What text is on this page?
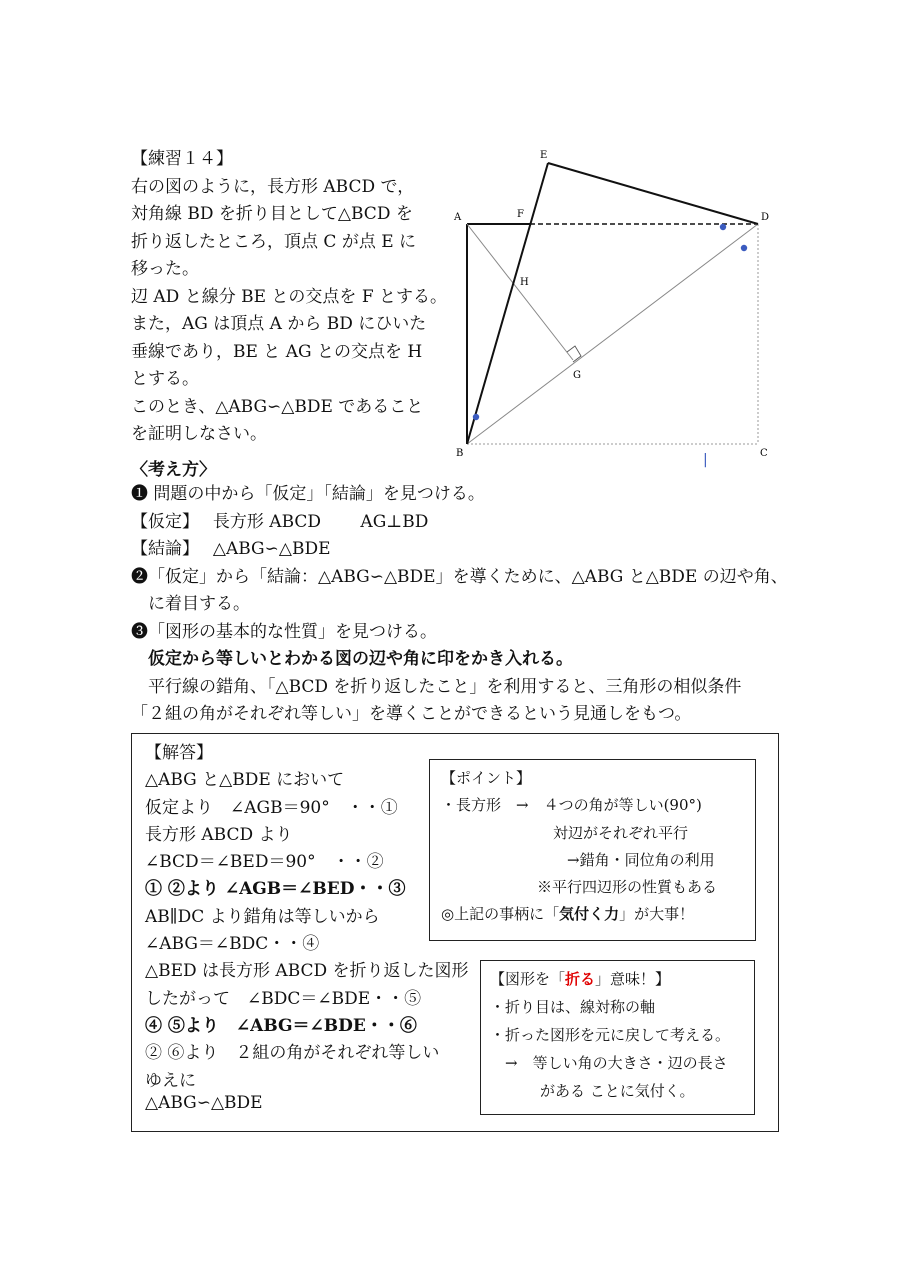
【練習１４】
右の図のように，長方形 ABCD で，
対角線 BD を折り目として△BCD を
折り返したところ，頂点 C が点 E に
移った。
辺 AD と線分 BE との交点を F とする。
また，AG は頂点 A から BD にひいた
垂線であり，BE と AG との交点を H
とする。
このとき、△ABG∽△BDE であること
を証明しなさい。
E
A	F	D
H
G
B	C
|
〈考え方〉
❶ 問題の中から「仮定」「結論」を見つける。
【仮定】　 長方形 ABCD　　 AG⊥BD
【結論】　 △ABG∽△BDE
❷「仮定」から「結論：△ABG∽△BDE」を導くために、△ABG と△BDE の辺や角、
　に着目する。
❸「図形の基本的な性質」を見つける。
　仮定から等しいとわかる図の辺や角に印をかき入れる。
　平行線の錯角、「△BCD を折り返したこと」を利用すると、三角形の相似条件
「２組の角がそれぞれ等しい」を導くことができるという見通しをもつ。
【解答】
△ABG と△BDE において
仮定より　∠AGB＝90°　・・①
長方形 ABCD より
∠BCD＝∠BED＝90°　・・②
① ②より ∠AGB＝∠BED・・③
AB∥DC より錯角は等しいから
∠ABG＝∠BDC・・④
△BED は長方形 ABCD を折り返した図形
したがって　∠BDC＝∠BDE・・⑤
④ ⑤より　∠ABG＝∠BDE・・⑥
② ⑥より　２組の角がそれぞれ等しい
ゆえに
△ABG∽△BDE
【ポイント】
・長方形　→　４つの角が等しい(90°)
対辺がそれぞれ平行
→錯角・同位角の利用
※平行四辺形の性質もある
◎上記の事柄に「気付く力」が大事！
【図形を「折る」意味！】
・折り目は、線対称の軸
・折った図形を元に戻して考える。
　→　等しい角の大きさ・辺の長さ
がある ことに気付く。
